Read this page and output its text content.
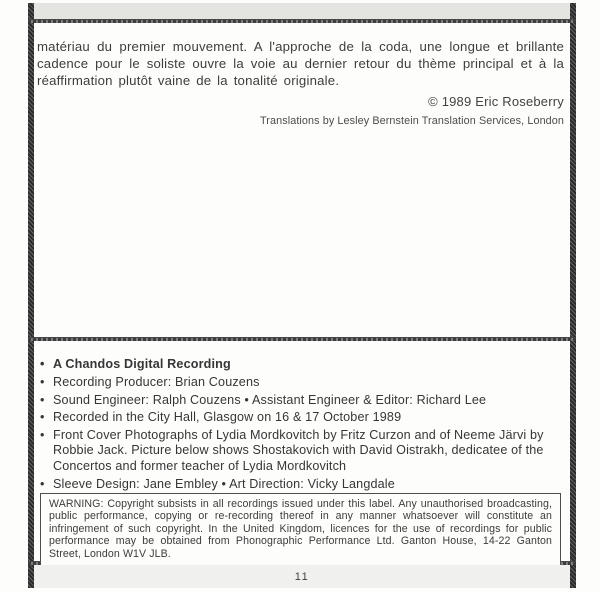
matériau du premier mouvement. A l'approche de la coda, une longue et brillante cadence pour le soliste ouvre la voie au dernier retour du thème principal et à la réaffirmation plutôt vaine de la tonalité originale.

© 1989 Eric Roseberry
Translations by Lesley Bernstein Translation Services, London
• A Chandos Digital Recording
• Recording Producer: Brian Couzens
• Sound Engineer: Ralph Couzens • Assistant Engineer & Editor: Richard Lee
• Recorded in the City Hall, Glasgow on 16 & 17 October 1989
• Front Cover Photographs of Lydia Mordkovitch by Fritz Curzon and of Neeme Järvi by Robbie Jack. Picture below shows Shostakovich with David Oistrakh, dedicatee of the Concertos and former teacher of Lydia Mordkovitch
• Sleeve Design: Jane Embley • Art Direction: Vicky Langdale

WARNING: Copyright subsists in all recordings issued under this label. Any unauthorised broadcasting, public performance, copying or re-recording thereof in any manner whatsoever will constitute an infringement of such copyright. In the United Kingdom, licences for the use of recordings for public performance may be obtained from Phonographic Performance Ltd. Ganton House, 14-22 Ganton Street, London W1V JLB.

11
